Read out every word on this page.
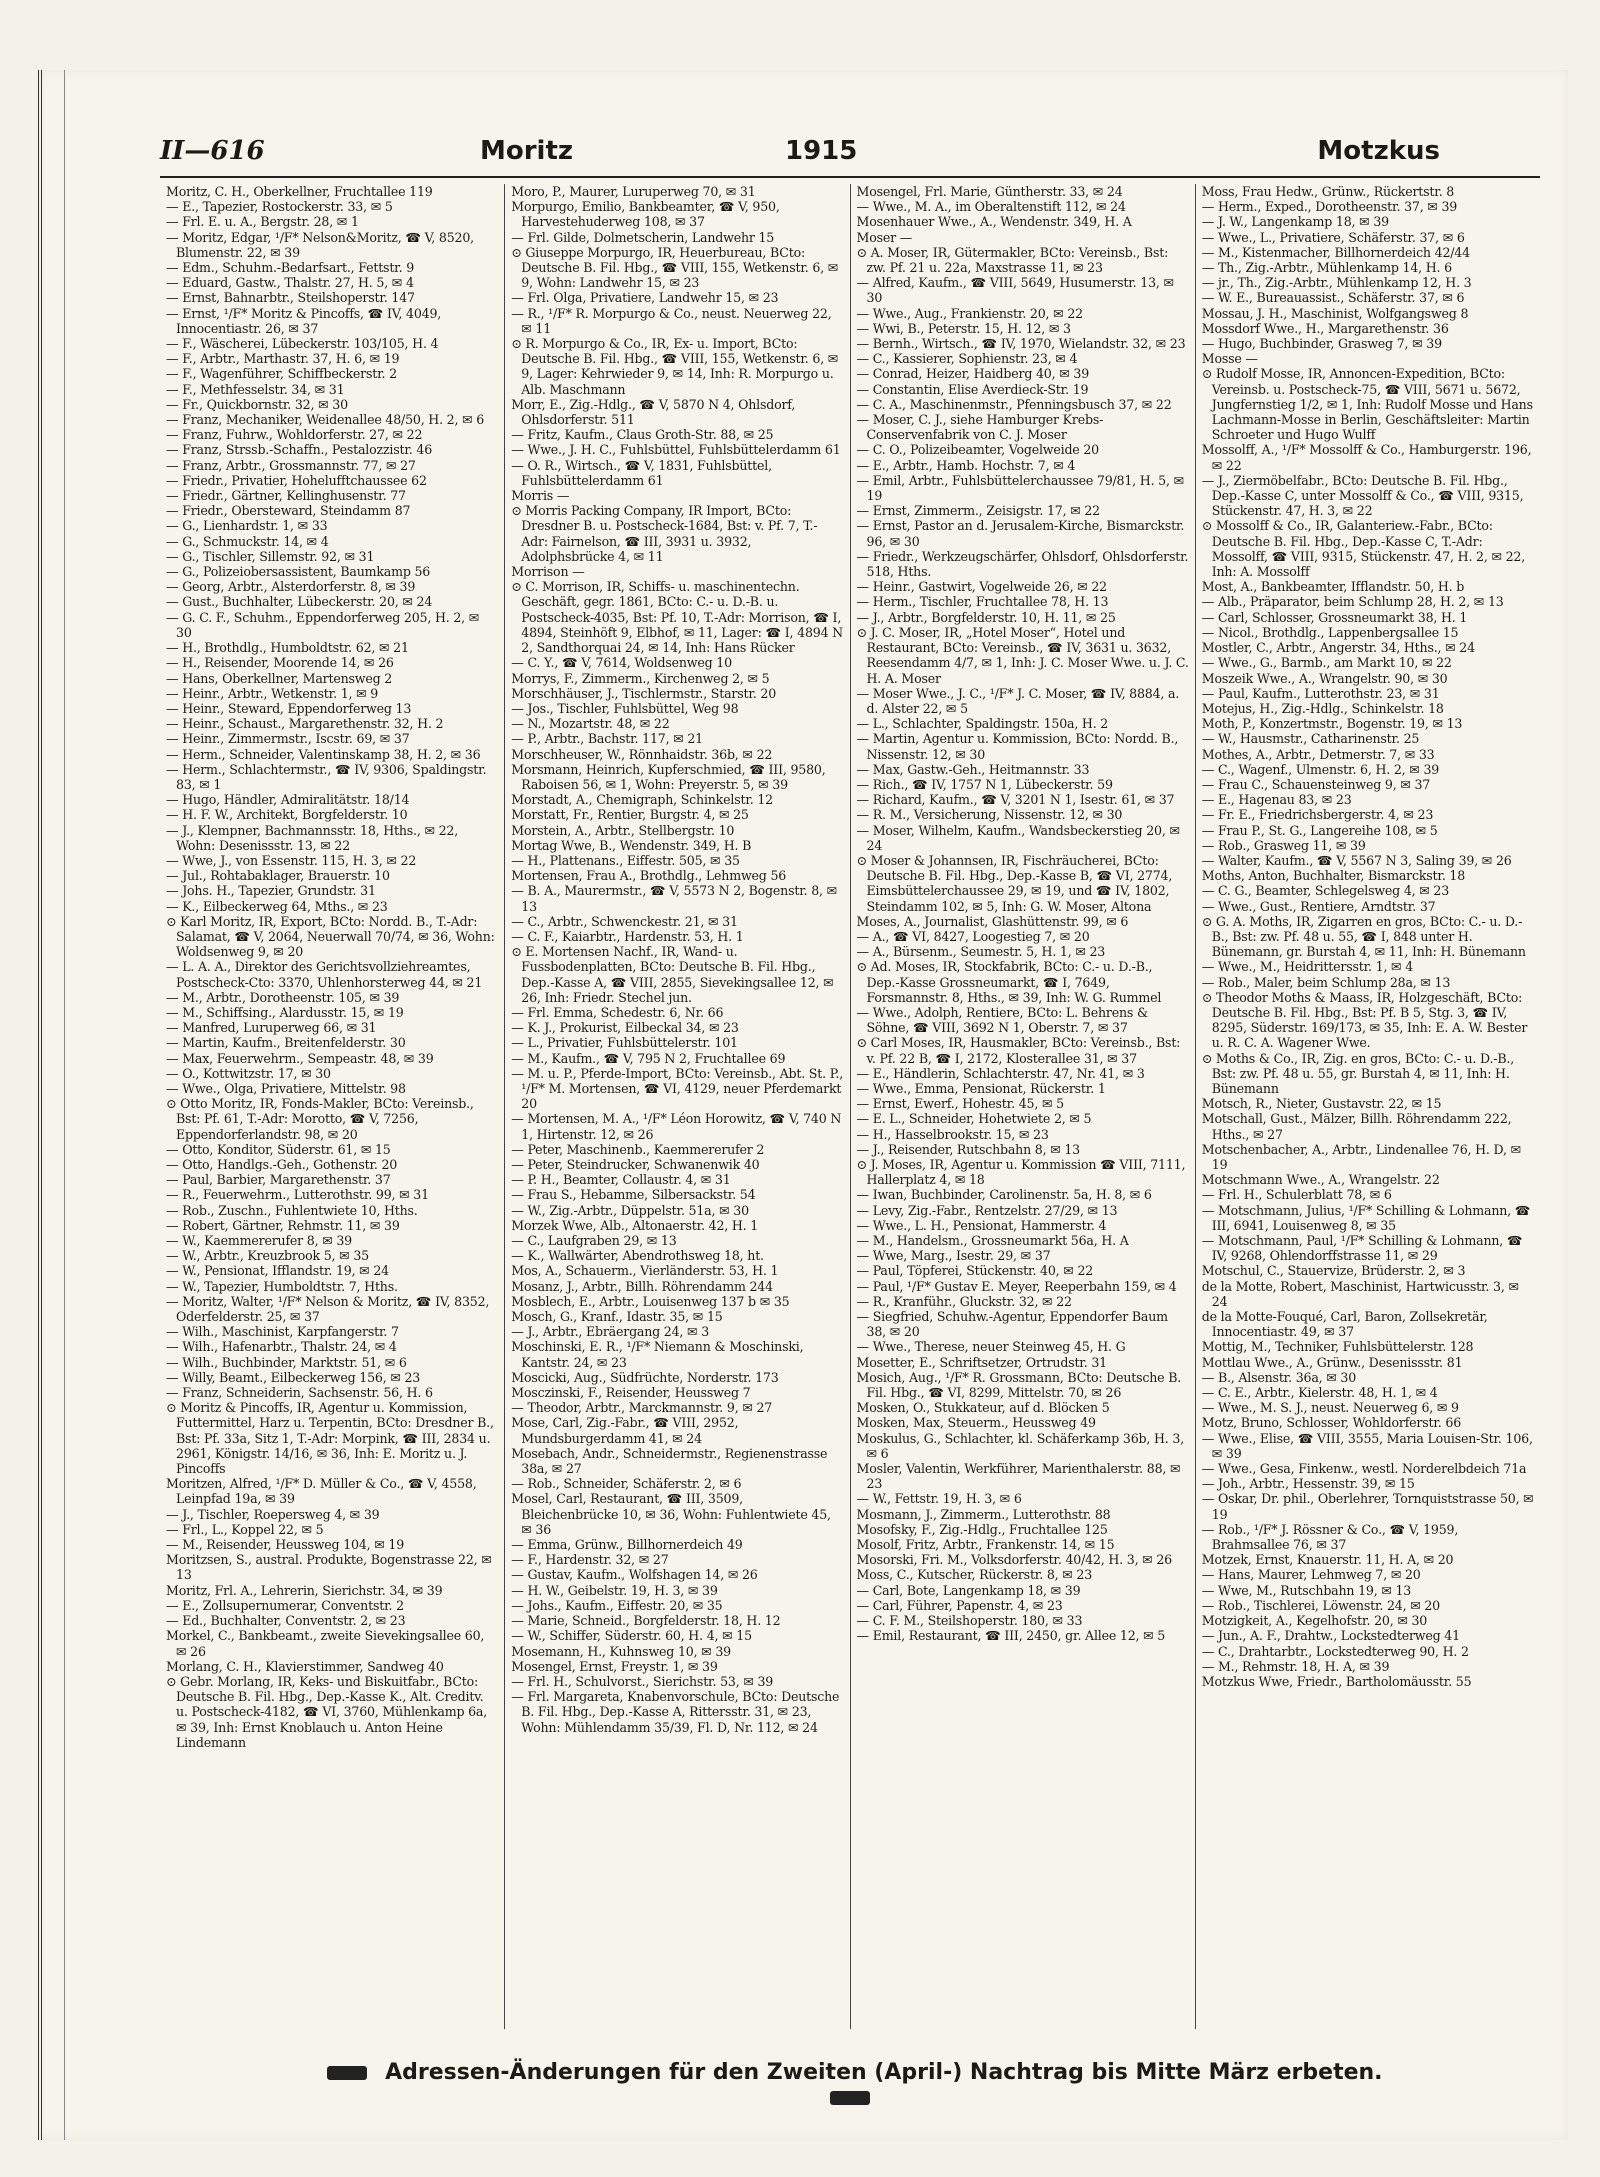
II—616	Moritz	1915	Motzkus

Moritz, C. H., Oberkellner, Fruchtallee 119

— E., Tapezier, Rostockerstr. 33, ✉ 5

— Frl. E. u. A., Bergstr. 28, ✉ 1

— Moritz, Edgar, ¹/F* Nelson&Moritz, ☎ V, 8520, Blumenstr. 22, ✉ 39

— Edm., Schuhm.-Bedarfsart., Fettstr. 9

— Eduard, Gastw., Thalstr. 27, H. 5, ✉ 4

— Ernst, Bahnarbtr., Steilshoperstr. 147

— Ernst, ¹/F* Moritz & Pincoffs, ☎ IV, 4049, Innocentiastr. 26, ✉ 37

— F., Wäscherei, Lübeckerstr. 103/105, H. 4

— F., Arbtr., Marthastr. 37, H. 6, ✉ 19

— F., Wagenführer, Schiffbeckerstr. 2

— F., Methfesselstr. 34, ✉ 31

— Fr., Quickbornstr. 32, ✉ 30

— Franz, Mechaniker, Weidenallee 48/50, H. 2, ✉ 6

— Franz, Fuhrw., Wohldorferstr. 27, ✉ 22

— Franz, Strssb.-Schaffn., Pestalozzistr. 46

— Franz, Arbtr., Grossmannstr. 77, ✉ 27

— Friedr., Privatier, Hohelufftchaussee 62

— Friedr., Gärtner, Kellinghusenstr. 77

— Friedr., Obersteward, Steindamm 87

— G., Lienhardstr. 1, ✉ 33

— G., Schmuckstr. 14, ✉ 4

— G., Tischler, Sillemstr. 92, ✉ 31

— G., Polizeiobersassistent, Baumkamp 56

— Georg, Arbtr., Alsterdorferstr. 8, ✉ 39

— Gust., Buchhalter, Lübeckerstr. 20, ✉ 24

— G. C. F., Schuhm., Eppendorferweg 205, H. 2, ✉ 30

— H., Brothdlg., Humboldtstr. 62, ✉ 21

— H., Reisender, Moorende 14, ✉ 26

— Hans, Oberkellner, Martensweg 2

— Heinr., Arbtr., Wetkenstr. 1, ✉ 9

— Heinr., Steward, Eppendorferweg 13

— Heinr., Schaust., Margarethenstr. 32, H. 2

— Heinr., Zimmermstr., Iscstr. 69, ✉ 37

— Herm., Schneider, Valentinskamp 38, H. 2, ✉ 36

— Herm., Schlachtermstr., ☎ IV, 9306, Spaldingstr. 83, ✉ 1

— Hugo, Händler, Admiralitätstr. 18/14

— H. F. W., Architekt, Borgfelderstr. 10

— J., Klempner, Bachmannsstr. 18, Hths., ✉ 22, Wohn: Desenissstr. 13, ✉ 22

— Wwe, J., von Essenstr. 115, H. 3, ✉ 22

— Jul., Rohtabaklager, Brauerstr. 10

— Johs. H., Tapezier, Grundstr. 31

— K., Eilbeckerweg 64, Mths., ✉ 23

⊙ Karl Moritz, IR, Export, BCto: Nordd. B., T.-Adr: Salamat, ☎ V, 2064, Neuerwall 70/74, ✉ 36, Wohn: Woldsenweg 9, ✉ 20

— L. A. A., Direktor des Gerichtsvollziehreamtes, Postscheck-Cto: 3370, Uhlenhorsterweg 44, ✉ 21

— M., Arbtr., Dorotheenstr. 105, ✉ 39

— M., Schiffsing., Alardusstr. 15, ✉ 19

— Manfred, Luruperweg 66, ✉ 31

— Martin, Kaufm., Breitenfelderstr. 30

— Max, Feuerwehrm., Sempeastr. 48, ✉ 39

— O., Kottwitzstr. 17, ✉ 30

— Wwe., Olga, Privatiere, Mittelstr. 98

⊙ Otto Moritz, IR, Fonds-Makler, BCto: Vereinsb., Bst: Pf. 61, T.-Adr: Morotto, ☎ V, 7256, Eppendorferlandstr. 98, ✉ 20

— Otto, Konditor, Süderstr. 61, ✉ 15

— Otto, Handlgs.-Geh., Gothenstr. 20

— Paul, Barbier, Margarethenstr. 37

— R., Feuerwehrm., Lutterothstr. 99, ✉ 31

— Rob., Zuschn., Fuhlentwiete 10, Hths.

— Robert, Gärtner, Rehmstr. 11, ✉ 39

— W., Kaemmererufer 8, ✉ 39

— W., Arbtr., Kreuzbrook 5, ✉ 35

— W., Pensionat, Ifflandstr. 19, ✉ 24

— W., Tapezier, Humboldtstr. 7, Hths.

— Moritz, Walter, ¹/F* Nelson & Moritz, ☎ IV, 8352, Oderfelderstr. 25, ✉ 37

— Wilh., Maschinist, Karpfangerstr. 7

— Wilh., Hafenarbtr., Thalstr. 24, ✉ 4

— Wilh., Buchbinder, Marktstr. 51, ✉ 6

— Willy, Beamt., Eilbeckerweg 156, ✉ 23

— Franz, Schneiderin, Sachsenstr. 56, H. 6

⊙ Moritz & Pincoffs, IR, Agentur u. Kommission, Futtermittel, Harz u. Terpentin, BCto: Dresdner B., Bst: Pf. 33a, Sitz 1, T.-Adr: Morpink, ☎ III, 2834 u. 2961, Königstr. 14/16, ✉ 36, Inh: E. Moritz u. J. Pincoffs

Moritzen, Alfred, ¹/F* D. Müller & Co., ☎ V, 4558, Leinpfad 19a, ✉ 39

— J., Tischler, Roepersweg 4, ✉ 39

— Frl., L., Koppel 22, ✉ 5

— M., Reisender, Heussweg 104, ✉ 19

Moritzsen, S., austral. Produkte, Bogenstrasse 22, ✉ 13

Moritz, Frl. A., Lehrerin, Sierichstr. 34, ✉ 39

— E., Zollsupernumerar, Conventstr. 2

— Ed., Buchhalter, Conventstr. 2, ✉ 23

Morkel, C., Bankbeamt., zweite Sievekingsallee 60, ✉ 26

Morlang, C. H., Klavierstimmer, Sandweg 40

⊙ Gebr. Morlang, IR, Keks- und Biskuitfabr., BCto: Deutsche B. Fil. Hbg., Dep.-Kasse K., Alt. Creditv. u. Postscheck-4182, ☎ VI, 3760, Mühlenkamp 6a, ✉ 39, Inh: Ernst Knoblauch u. Anton Heine Lindemann

Moro, P., Maurer, Luruperweg 70, ✉ 31

Morpurgo, Emilio, Bankbeamter, ☎ V, 950, Harvestehuderweg 108, ✉ 37

— Frl. Gilde, Dolmetscherin, Landwehr 15

⊙ Giuseppe Morpurgo, IR, Heuerbureau, BCto: Deutsche B. Fil. Hbg., ☎ VIII, 155, Wetkenstr. 6, ✉ 9, Wohn: Landwehr 15, ✉ 23

— Frl. Olga, Privatiere, Landwehr 15, ✉ 23

— R., ¹/F* R. Morpurgo & Co., neust. Neuerweg 22, ✉ 11

⊙ R. Morpurgo & Co., IR, Ex- u. Import, BCto: Deutsche B. Fil. Hbg., ☎ VIII, 155, Wetkenstr. 6, ✉ 9, Lager: Kehrwieder 9, ✉ 14, Inh: R. Morpurgo u. Alb. Maschmann

Morr, E., Zig.-Hdlg., ☎ V, 5870 N 4, Ohlsdorf, Ohlsdorferstr. 511

— Fritz, Kaufm., Claus Groth-Str. 88, ✉ 25

— Wwe., J. H. C., Fuhlsbüttel, Fuhlsbüttelerdamm 61

— O. R., Wirtsch., ☎ V, 1831, Fuhlsbüttel, Fuhlsbüttelerdamm 61

Morris —

⊙ Morris Packing Company, IR Import, BCto: Dresdner B. u. Postscheck-1684, Bst: v. Pf. 7, T.-Adr: Fairnelson, ☎ III, 3931 u. 3932, Adolphsbrücke 4, ✉ 11

Morrison —

⊙ C. Morrison, IR, Schiffs- u. maschinentechn. Geschäft, gegr. 1861, BCto: C.- u. D.-B. u. Postscheck-4035, Bst: Pf. 10, T.-Adr: Morrison, ☎ I, 4894, Steinhöft 9, Elbhof, ✉ 11, Lager: ☎ I, 4894 N 2, Sandthorquai 24, ✉ 14, Inh: Hans Rücker

— C. Y., ☎ V, 7614, Woldsenweg 10

Morrys, F., Zimmerm., Kirchenweg 2, ✉ 5

Morschhäuser, J., Tischlermstr., Starstr. 20

— Jos., Tischler, Fuhlsbüttel, Weg 98

— N., Mozartstr. 48, ✉ 22

— P., Arbtr., Bachstr. 117, ✉ 21

Morschheuser, W., Rönnhaidstr. 36b, ✉ 22

Morsmann, Heinrich, Kupferschmied, ☎ III, 9580, Raboisen 56, ✉ 1, Wohn: Preyerstr. 5, ✉ 39

Morstadt, A., Chemigraph, Schinkelstr. 12

Morstatt, Fr., Rentier, Burgstr. 4, ✉ 25

Morstein, A., Arbtr., Stellbergstr. 10

Mortag Wwe, B., Wendenstr. 349, H. B

— H., Plattenans., Eiffestr. 505, ✉ 35

Mortensen, Frau A., Brothdlg., Lehmweg 56

— B. A., Maurermstr., ☎ V, 5573 N 2, Bogenstr. 8, ✉ 13

— C., Arbtr., Schwenckestr. 21, ✉ 31

— C. F., Kaiarbtr., Hardenstr. 53, H. 1

⊙ E. Mortensen Nachf., IR, Wand- u. Fussbodenplatten, BCto: Deutsche B. Fil. Hbg., Dep.-Kasse A, ☎ VIII, 2855, Sievekingsallee 12, ✉ 26, Inh: Friedr. Stechel jun.

— Frl. Emma, Schedestr. 6, Nr. 66

— K. J., Prokurist, Eilbeckal 34, ✉ 23

— L., Privatier, Fuhlsbüttelerstr. 101

— M., Kaufm., ☎ V, 795 N 2, Fruchtallee 69

— M. u. P., Pferde-Import, BCto: Vereinsb., Abt. St. P., ¹/F* M. Mortensen, ☎ VI, 4129, neuer Pferdemarkt 20

— Mortensen, M. A., ¹/F* Léon Horowitz, ☎ V, 740 N 1, Hirtenstr. 12, ✉ 26

— Peter, Maschinenb., Kaemmererufer 2

— Peter, Steindrucker, Schwanenwik 40

— P. H., Beamter, Collaustr. 4, ✉ 31

— Frau S., Hebamme, Silbersackstr. 54

— W., Zig.-Arbtr., Düppelstr. 51a, ✉ 30

Morzek Wwe, Alb., Altonaerstr. 42, H. 1

— C., Laufgraben 29, ✉ 13

— K., Wallwärter, Abendrothsweg 18, ht.

Mos, A., Schauerm., Vierländerstr. 53, H. 1

Mosanz, J., Arbtr., Billh. Röhrendamm 244

Mosblech, E., Arbtr., Louisenweg 137 b ✉ 35

Mosch, G., Kranf., Idastr. 35, ✉ 15

— J., Arbtr., Ebräergang 24, ✉ 3

Moschinski, E. R., ¹/F* Niemann & Moschinski, Kantstr. 24, ✉ 23

Moscicki, Aug., Südfrüchte, Norderstr. 173

Mosczinski, F., Reisender, Heussweg 7

— Theodor, Arbtr., Marckmannstr. 9, ✉ 27

Mose, Carl, Zig.-Fabr., ☎ VIII, 2952, Mundsburgerdamm 41, ✉ 24

Mosebach, Andr., Schneidermstr., Regienenstrasse 38a, ✉ 27

— Rob., Schneider, Schäferstr. 2, ✉ 6

Mosel, Carl, Restaurant, ☎ III, 3509, Bleichenbrücke 10, ✉ 36, Wohn: Fuhlentwiete 45, ✉ 36

— Emma, Grünw., Billhornerdeich 49

— F., Hardenstr. 32, ✉ 27

— Gustav, Kaufm., Wolfshagen 14, ✉ 26

— H. W., Geibelstr. 19, H. 3, ✉ 39

— Johs., Kaufm., Eiffestr. 20, ✉ 35

— Marie, Schneid., Borgfelderstr. 18, H. 12

— W., Schiffer, Süderstr. 60, H. 4, ✉ 15

Mosemann, H., Kuhnsweg 10, ✉ 39

Mosengel, Ernst, Freystr. 1, ✉ 39

— Frl. H., Schulvorst., Sierichstr. 53, ✉ 39

— Frl. Margareta, Knabenvorschule, BCto: Deutsche B. Fil. Hbg., Dep.-Kasse A, Rittersstr. 31, ✉ 23, Wohn: Mühlendamm 35/39, Fl. D, Nr. 112, ✉ 24

Mosengel, Frl. Marie, Güntherstr. 33, ✉ 24

— Wwe., M. A., im Oberaltenstift 112, ✉ 24

Mosenhauer Wwe., A., Wendenstr. 349, H. A

Moser —

⊙ A. Moser, IR, Gütermakler, BCto: Vereinsb., Bst: zw. Pf. 21 u. 22a, Maxstrasse 11, ✉ 23

— Alfred, Kaufm., ☎ VIII, 5649, Husumerstr. 13, ✉ 30

— Wwe., Aug., Frankienstr. 20, ✉ 22

— Wwi, B., Peterstr. 15, H. 12, ✉ 3

— Bernh., Wirtsch., ☎ IV, 1970, Wielandstr. 32, ✉ 23

— C., Kassierer, Sophienstr. 23, ✉ 4

— Conrad, Heizer, Haidberg 40, ✉ 39

— Constantin, Elise Averdieck-Str. 19

— C. A., Maschinenmstr., Pfenningsbusch 37, ✉ 22

— Moser, C. J., siehe Hamburger Krebs-Conservenfabrik von C. J. Moser

— C. O., Polizeibeamter, Vogelweide 20

— E., Arbtr., Hamb. Hochstr. 7, ✉ 4

— Emil, Arbtr., Fuhlsbüttelerchaussee 79/81, H. 5, ✉ 19

— Ernst, Zimmerm., Zeisigstr. 17, ✉ 22

— Ernst, Pastor an d. Jerusalem-Kirche, Bismarckstr. 96, ✉ 30

— Friedr., Werkzeugschärfer, Ohlsdorf, Ohlsdorferstr. 518, Hths.

— Heinr., Gastwirt, Vogelweide 26, ✉ 22

— Herm., Tischler, Fruchtallee 78, H. 13

— J., Arbtr., Borgfelderstr. 10, H. 11, ✉ 25

⊙ J. C. Moser, IR, „Hotel Moser“, Hotel und Restaurant, BCto: Vereinsb., ☎ IV, 3631 u. 3632, Reesendamm 4/7, ✉ 1, Inh: J. C. Moser Wwe. u. J. C. H. A. Moser

— Moser Wwe., J. C., ¹/F* J. C. Moser, ☎ IV, 8884, a. d. Alster 22, ✉ 5

— L., Schlachter, Spaldingstr. 150a, H. 2

— Martin, Agentur u. Kommission, BCto: Nordd. B., Nissenstr. 12, ✉ 30

— Max, Gastw.-Geh., Heitmannstr. 33

— Rich., ☎ IV, 1757 N 1, Lübeckerstr. 59

— Richard, Kaufm., ☎ V, 3201 N 1, Isestr. 61, ✉ 37

— R. M., Versicherung, Nissenstr. 12, ✉ 30

— Moser, Wilhelm, Kaufm., Wandsbeckerstieg 20, ✉ 24

⊙ Moser & Johannsen, IR, Fischräucherei, BCto: Deutsche B. Fil. Hbg., Dep.-Kasse B, ☎ VI, 2774, Eimsbüttelerchaussee 29, ✉ 19, und ☎ IV, 1802, Steindamm 102, ✉ 5, Inh: G. W. Moser, Altona

Moses, A., Journalist, Glashüttenstr. 99, ✉ 6

— A., ☎ VI, 8427, Loogestieg 7, ✉ 20

— A., Bürsenm., Seumestr. 5, H. 1, ✉ 23

⊙ Ad. Moses, IR, Stockfabrik, BCto: C.- u. D.-B., Dep.-Kasse Grossneumarkt, ☎ I, 7649, Forsmannstr. 8, Hths., ✉ 39, Inh: W. G. Rummel

— Wwe., Adolph, Rentiere, BCto: L. Behrens & Söhne, ☎ VIII, 3692 N 1, Oberstr. 7, ✉ 37

⊙ Carl Moses, IR, Hausmakler, BCto: Vereinsb., Bst: v. Pf. 22 B, ☎ I, 2172, Klosterallee 31, ✉ 37

— E., Händlerin, Schlachterstr. 47, Nr. 41, ✉ 3

— Wwe., Emma, Pensionat, Rückerstr. 1

— Ernst, Ewerf., Hohestr. 45, ✉ 5

— E. L., Schneider, Hohetwiete 2, ✉ 5

— H., Hasselbrookstr. 15, ✉ 23

— J., Reisender, Rutschbahn 8, ✉ 13

⊙ J. Moses, IR, Agentur u. Kommission ☎ VIII, 7111, Hallerplatz 4, ✉ 18

— Iwan, Buchbinder, Carolinenstr. 5a, H. 8, ✉ 6

— Levy, Zig.-Fabr., Rentzelstr. 27/29, ✉ 13

— Wwe., L. H., Pensionat, Hammerstr. 4

— M., Handelsm., Grossneumarkt 56a, H. A

— Wwe, Marg., Isestr. 29, ✉ 37

— Paul, Töpferei, Stückenstr. 40, ✉ 22

— Paul, ¹/F* Gustav E. Meyer, Reeperbahn 159, ✉ 4

— R., Kranführ., Gluckstr. 32, ✉ 22

— Siegfried, Schuhw.-Agentur, Eppendorfer Baum 38, ✉ 20

— Wwe., Therese, neuer Steinweg 45, H. G

Mosetter, E., Schriftsetzer, Ortrudstr. 31

Mosich, Aug., ¹/F* R. Grossmann, BCto: Deutsche B. Fil. Hbg., ☎ VI, 8299, Mittelstr. 70, ✉ 26

Mosken, O., Stukkateur, auf d. Blöcken 5

Mosken, Max, Steuerm., Heussweg 49

Moskulus, G., Schlachter, kl. Schäferkamp 36b, H. 3, ✉ 6

Mosler, Valentin, Werkführer, Marienthalerstr. 88, ✉ 23

— W., Fettstr. 19, H. 3, ✉ 6

Mosmann, J., Zimmerm., Lutterothstr. 88

Mosofsky, F., Zig.-Hdlg., Fruchtallee 125

Mosolf, Fritz, Arbtr., Frankenstr. 14, ✉ 15

Mosorski, Fri. M., Volksdorferstr. 40/42, H. 3, ✉ 26

Moss, C., Kutscher, Rückerstr. 8, ✉ 23

— Carl, Bote, Langenkamp 18, ✉ 39

— Carl, Führer, Papenstr. 4, ✉ 23

— C. F. M., Steilshoperstr. 180, ✉ 33

— Emil, Restaurant, ☎ III, 2450, gr. Allee 12, ✉ 5

Moss, Frau Hedw., Grünw., Rückertstr. 8

— Herm., Exped., Dorotheenstr. 37, ✉ 39

— J. W., Langenkamp 18, ✉ 39

— Wwe., L., Privatiere, Schäferstr. 37, ✉ 6

— M., Kistenmacher, Billhornerdeich 42/44

— Th., Zig.-Arbtr., Mühlenkamp 14, H. 6

— jr., Th., Zig.-Arbtr., Mühlenkamp 12, H. 3

— W. E., Bureauassist., Schäferstr. 37, ✉ 6

Mossau, J. H., Maschinist, Wolfgangsweg 8

Mossdorf Wwe., H., Margarethenstr. 36

— Hugo, Buchbinder, Grasweg 7, ✉ 39

Mosse —

⊙ Rudolf Mosse, IR, Annoncen-Expedition, BCto: Vereinsb. u. Postscheck-75, ☎ VIII, 5671 u. 5672, Jungfernstieg 1/2, ✉ 1, Inh: Rudolf Mosse und Hans Lachmann-Mosse in Berlin, Geschäftsleiter: Martin Schroeter und Hugo Wulff

Mossolff, A., ¹/F* Mossolff & Co., Hamburgerstr. 196, ✉ 22

— J., Ziermöbelfabr., BCto: Deutsche B. Fil. Hbg., Dep.-Kasse C, unter Mossolff & Co., ☎ VIII, 9315, Stückenstr. 47, H. 3, ✉ 22

⊙ Mossolff & Co., IR, Galanteriew.-Fabr., BCto: Deutsche B. Fil. Hbg., Dep.-Kasse C, T.-Adr: Mossolff, ☎ VIII, 9315, Stückenstr. 47, H. 2, ✉ 22, Inh: A. Mossolff

Most, A., Bankbeamter, Ifflandstr. 50, H. b

— Alb., Präparator, beim Schlump 28, H. 2, ✉ 13

— Carl, Schlosser, Grossneumarkt 38, H. 1

— Nicol., Brothdlg., Lappenbergsallee 15

Mostler, C., Arbtr., Angerstr. 34, Hths., ✉ 24

— Wwe., G., Barmb., am Markt 10, ✉ 22

Moszeik Wwe., A., Wrangelstr. 90, ✉ 30

— Paul, Kaufm., Lutterothstr. 23, ✉ 31

Motejus, H., Zig.-Hdlg., Schinkelstr. 18

Moth, P., Konzertmstr., Bogenstr. 19, ✉ 13

— W., Hausmstr., Catharinenstr. 25

Mothes, A., Arbtr., Detmerstr. 7, ✉ 33

— C., Wagenf., Ulmenstr. 6, H. 2, ✉ 39

— Frau C., Schauensteinweg 9, ✉ 37

— E., Hagenau 83, ✉ 23

— Fr. E., Friedrichsbergerstr. 4, ✉ 23

— Frau P., St. G., Langereihe 108, ✉ 5

— Rob., Grasweg 11, ✉ 39

— Walter, Kaufm., ☎ V, 5567 N 3, Saling 39, ✉ 26

Moths, Anton, Buchhalter, Bismarckstr. 18

— C. G., Beamter, Schlegelsweg 4, ✉ 23

— Wwe., Gust., Rentiere, Arndtstr. 37

⊙ G. A. Moths, IR, Zigarren en gros, BCto: C.- u. D.-B., Bst: zw. Pf. 48 u. 55, ☎ I, 848 unter H. Bünemann, gr. Burstah 4, ✉ 11, Inh: H. Bünemann

— Wwe., M., Heidrittersstr. 1, ✉ 4

— Rob., Maler, beim Schlump 28a, ✉ 13

⊙ Theodor Moths & Maass, IR, Holzgeschäft, BCto: Deutsche B. Fil. Hbg., Bst: Pf. B 5, Stg. 3, ☎ IV, 8295, Süderstr. 169/173, ✉ 35, Inh: E. A. W. Bester u. R. C. A. Wagener Wwe.

⊙ Moths & Co., IR, Zig. en gros, BCto: C.- u. D.-B., Bst: zw. Pf. 48 u. 55, gr. Burstah 4, ✉ 11, Inh: H. Bünemann

Motsch, R., Nieter, Gustavstr. 22, ✉ 15

Motschall, Gust., Mälzer, Billh. Röhrendamm 222, Hths., ✉ 27

Motschenbacher, A., Arbtr., Lindenallee 76, H. D, ✉ 19

Motschmann Wwe., A., Wrangelstr. 22

— Frl. H., Schulerblatt 78, ✉ 6

— Motschmann, Julius, ¹/F* Schilling & Lohmann, ☎ III, 6941, Louisenweg 8, ✉ 35

— Motschmann, Paul, ¹/F* Schilling & Lohmann, ☎ IV, 9268, Ohlendorffstrasse 11, ✉ 29

Motschul, C., Stauervize, Brüderstr. 2, ✉ 3

de la Motte, Robert, Maschinist, Hartwicusstr. 3, ✉ 24

de la Motte-Fouqué, Carl, Baron, Zollsekretär, Innocentiastr. 49, ✉ 37

Mottig, M., Techniker, Fuhlsbüttelerstr. 128

Mottlau Wwe., A., Grünw., Desenissstr. 81

— B., Alsenstr. 36a, ✉ 30

— C. E., Arbtr., Kielerstr. 48, H. 1, ✉ 4

— Wwe., M. S. J., neust. Neuerweg 6, ✉ 9

Motz, Bruno, Schlosser, Wohldorferstr. 66

— Wwe., Elise, ☎ VIII, 3555, Maria Louisen-Str. 106, ✉ 39

— Wwe., Gesa, Finkenw., westl. Norderelbdeich 71a

— Joh., Arbtr., Hessenstr. 39, ✉ 15

— Oskar, Dr. phil., Oberlehrer, Tornquiststrasse 50, ✉ 19

— Rob., ¹/F* J. Rössner & Co., ☎ V, 1959, Brahmsallee 76, ✉ 37

Motzek, Ernst, Knauerstr. 11, H. A, ✉ 20

— Hans, Maurer, Lehmweg 7, ✉ 20

— Wwe, M., Rutschbahn 19, ✉ 13

— Rob., Tischlerei, Löwenstr. 24, ✉ 20

Motzigkeit, A., Kegelhofstr. 20, ✉ 30

— Jun., A. F., Drahtw., Lockstedterweg 41

— C., Drahtarbtr., Lockstedterweg 90, H. 2

— M., Rehmstr. 18, H. A, ✉ 39

Motzkus Wwe, Friedr., Bartholomäusstr. 55

Adressen-Änderungen für den Zweiten (April-) Nachtrag bis Mitte März erbeten.
